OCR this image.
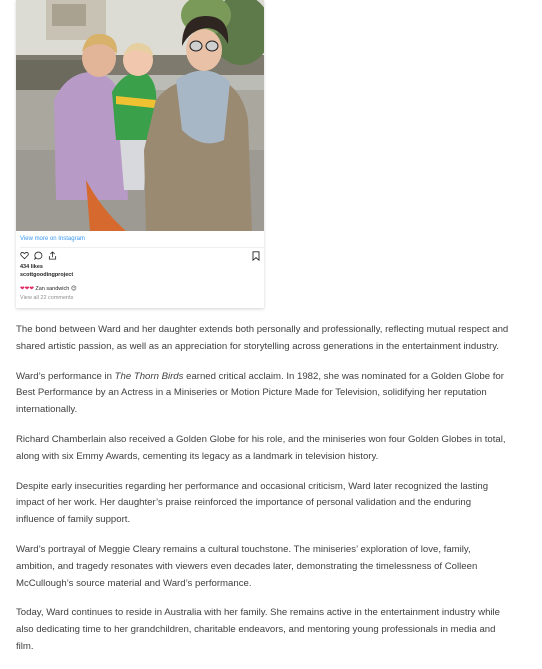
View more on Instagram
434 likes
scottgoodingproject
❤❤❤ Zan sandwich 😊
View all 22 comments

The bond between Ward and her daughter extends both personally and professionally, reflecting mutual respect and shared artistic passion, as well as an appreciation for storytelling across generations in the entertainment industry.

Ward’s performance in The Thorn Birds earned critical acclaim. In 1982, she was nominated for a Golden Globe for Best Performance by an Actress in a Miniseries or Motion Picture Made for Television, solidifying her reputation internationally.

Richard Chamberlain also received a Golden Globe for his role, and the miniseries won four Golden Globes in total, along with six Emmy Awards, cementing its legacy as a landmark in television history.

Despite early insecurities regarding her performance and occasional criticism, Ward later recognized the lasting impact of her work. Her daughter’s praise reinforced the importance of personal validation and the enduring influence of family support.

Ward’s portrayal of Meggie Cleary remains a cultural touchstone. The miniseries’ exploration of love, family, ambition, and tragedy resonates with viewers even decades later, demonstrating the timelessness of Colleen McCullough’s source material and Ward’s performance.

Today, Ward continues to reside in Australia with her family. She remains active in the entertainment industry while also dedicating time to her grandchildren, charitable endeavors, and mentoring young professionals in media and film.
